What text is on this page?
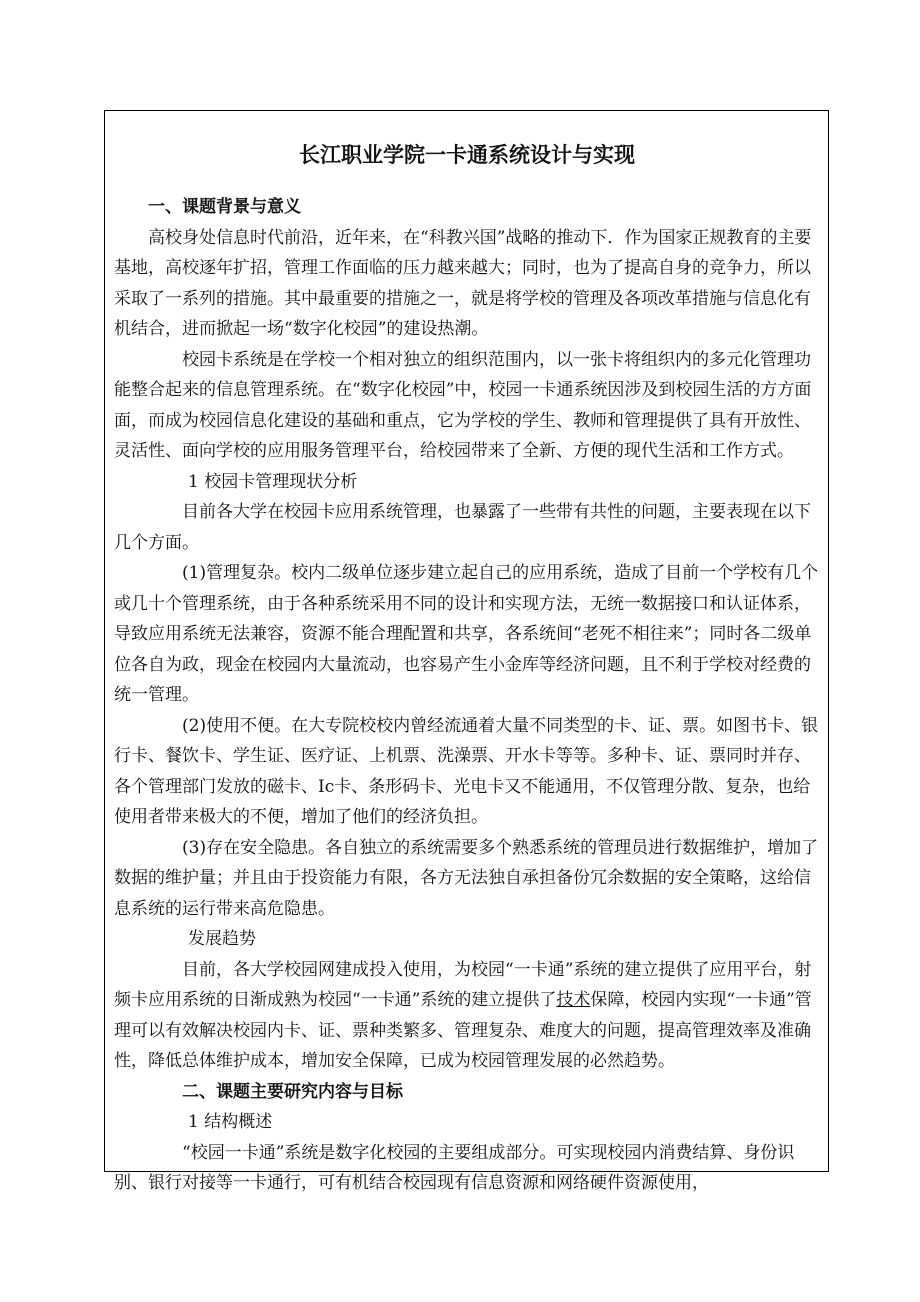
长江职业学院一卡通系统设计与实现
一、课题背景与意义

高校身处信息时代前沿，近年来，在“科教兴国”战略的推动下．作为国家正规教育的主要基地，高校逐年扩招，管理工作面临的压力越来越大；同时，也为了提高自身的竞争力，所以采取了一系列的措施。其中最重要的措施之一，就是将学校的管理及各项改革措施与信息化有机结合，进而掀起一场“数字化校园”的建设热潮。

校园卡系统是在学校一个相对独立的组织范围内，以一张卡将组织内的多元化管理功能整合起来的信息管理系统。在“数字化校园”中，校园一卡通系统因涉及到校园生活的方方面面，而成为校园信息化建设的基础和重点，它为学校的学生、教师和管理提供了具有开放性、灵活性、面向学校的应用服务管理平台，给校园带来了全新、方便的现代生活和工作方式。

1 校园卡管理现状分析

目前各大学在校园卡应用系统管理，也暴露了一些带有共性的问题，主要表现在以下几个方面。

(1)管理复杂。校内二级单位逐步建立起自己的应用系统，造成了目前一个学校有几个或几十个管理系统，由于各种系统采用不同的设计和实现方法，无统一数据接口和认证体系，导致应用系统无法兼容，资源不能合理配置和共享，各系统间“老死不相往来”；同时各二级单位各自为政，现金在校园内大量流动，也容易产生小金库等经济问题，且不利于学校对经费的统一管理。

(2)使用不便。在大专院校校内曾经流通着大量不同类型的卡、证、票。如图书卡、银行卡、餐饮卡、学生证、医疗证、上机票、洗澡票、开水卡等等。多种卡、证、票同时并存、各个管理部门发放的磁卡、Ic卡、条形码卡、光电卡又不能通用，不仅管理分散、复杂，也给使用者带来极大的不便，增加了他们的经济负担。

(3)存在安全隐患。各自独立的系统需要多个熟悉系统的管理员进行数据维护，增加了数据的维护量；并且由于投资能力有限，各方无法独自承担备份冗余数据的安全策略，这给信息系统的运行带来高危隐患。

发展趋势

目前，各大学校园网建成投入使用，为校园“一卡通”系统的建立提供了应用平台，射频卡应用系统的日渐成熟为校园“一卡通”系统的建立提供了技术保障，校园内实现“一卡通”管理可以有效解决校园内卡、证、票种类繁多、管理复杂、难度大的问题，提高管理效率及准确性，降低总体维护成本，增加安全保障，已成为校园管理发展的必然趋势。

二、课题主要研究内容与目标

1 结构概述

“校园一卡通”系统是数字化校园的主要组成部分。可实现校园内消费结算、身份识别、银行对接等一卡通行，可有机结合校园现有信息资源和网络硬件资源使用，
